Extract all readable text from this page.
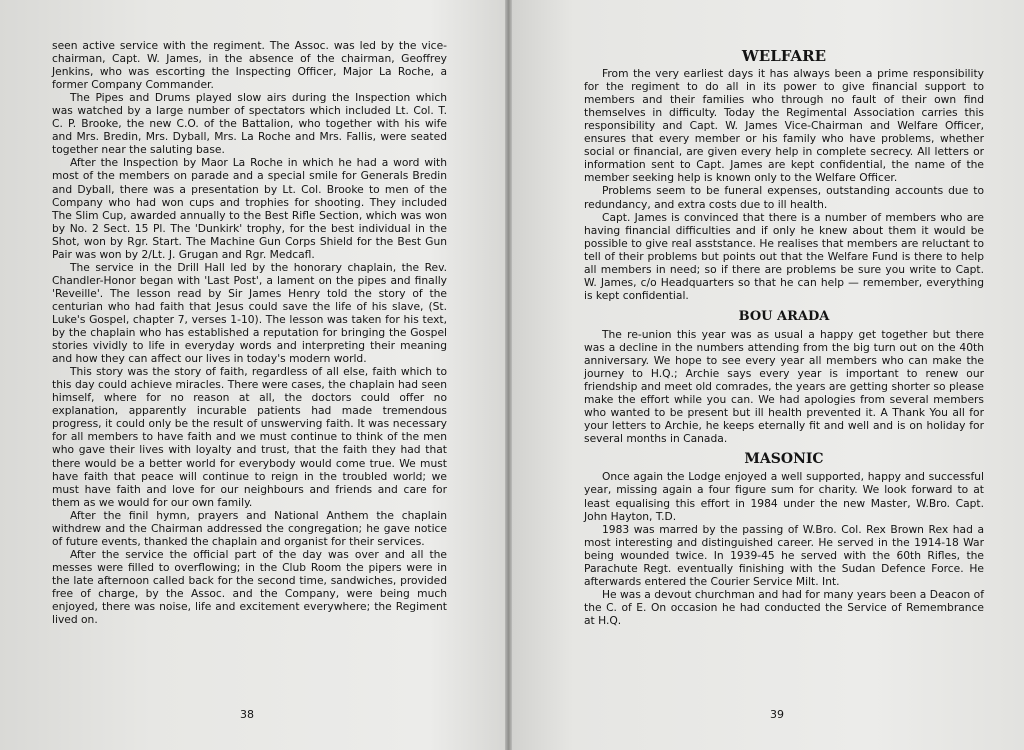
seen active service with the regiment. The Assoc. was led by the vice-chairman, Capt. W. James, in the absence of the chairman, Geoffrey Jenkins, who was escorting the Inspecting Officer, Major La Roche, a former Company Commander.

The Pipes and Drums played slow airs during the Inspection which was watched by a large number of spectators which included Lt. Col. T. C. P. Brooke, the new C.O. of the Battalion, who together with his wife and Mrs. Bredin, Mrs. Dyball, Mrs. La Roche and Mrs. Fallis, were seated together near the saluting base.

After the Inspection by Maor La Roche in which he had a word with most of the members on parade and a special smile for Generals Bredin and Dyball, there was a presentation by Lt. Col. Brooke to men of the Company who had won cups and trophies for shooting. They included The Slim Cup, awarded annually to the Best Rifle Section, which was won by No. 2 Sect. 15 Pl. The 'Dunkirk' trophy, for the best individual in the Shot, won by Rgr. Start. The Machine Gun Corps Shield for the Best Gun Pair was won by 2/Lt. J. Grugan and Rgr. Medcafl.

The service in the Drill Hall led by the honorary chaplain, the Rev. Chandler-Honor began with 'Last Post', a lament on the pipes and finally 'Reveille'. The lesson read by Sir James Henry told the story of the centurian who had faith that Jesus could save the life of his slave, (St. Luke's Gospel, chapter 7, verses 1-10). The lesson was taken for his text, by the chaplain who has established a reputation for bringing the Gospel stories vividly to life in everyday words and interpreting their meaning and how they can affect our lives in today's modern world.

This story was the story of faith, regardless of all else, faith which to this day could achieve miracles. There were cases, the chaplain had seen himself, where for no reason at all, the doctors could offer no explanation, apparently incurable patients had made tremendous progress, it could only be the result of unswerving faith. It was necessary for all members to have faith and we must continue to think of the men who gave their lives with loyalty and trust, that the faith they had that there would be a better world for everybody would come true. We must have faith that peace will continue to reign in the troubled world; we must have faith and love for our neighbours and friends and care for them as we would for our own family.

After the finil hymn, prayers and National Anthem the chaplain withdrew and the Chairman addressed the congregation; he gave notice of future events, thanked the chaplain and organist for their services.

After the service the official part of the day was over and all the messes were filled to overflowing; in the Club Room the pipers were in the late afternoon called back for the second time, sandwiches, provided free of charge, by the Assoc. and the Company, were being much enjoyed, there was noise, life and excitement everywhere; the Regiment lived on.

38
WELFARE

From the very earliest days it has always been a prime responsibility for the regiment to do all in its power to give financial support to members and their families who through no fault of their own find themselves in difficulty. Today the Regimental Association carries this responsibility and Capt. W. James Vice-Chairman and Welfare Officer, ensures that every member or his family who have problems, whether social or financial, are given every help in complete secrecy. All letters or information sent to Capt. James are kept confidential, the name of the member seeking help is known only to the Welfare Officer.

Problems seem to be funeral expenses, outstanding accounts due to redundancy, and extra costs due to ill health.

Capt. James is convinced that there is a number of members who are having financial difficulties and if only he knew about them it would be possible to give real asststance. He realises that members are reluctant to tell of their problems but points out that the Welfare Fund is there to help all members in need; so if there are problems be sure you write to Capt. W. James, c/o Headquarters so that he can help — remember, everything is kept confidential.

BOU ARADA

The re-union this year was as usual a happy get together but there was a decline in the numbers attending from the big turn out on the 40th anniversary. We hope to see every year all members who can make the journey to H.Q.; Archie says every year is important to renew our friendship and meet old comrades, the years are getting shorter so please make the effort while you can. We had apologies from several members who wanted to be present but ill health prevented it. A Thank You all for your letters to Archie, he keeps eternally fit and well and is on holiday for several months in Canada.

MASONIC

Once again the Lodge enjoyed a well supported, happy and successful year, missing again a four figure sum for charity. We look forward to at least equalising this effort in 1984 under the new Master, W.Bro. Capt. John Hayton, T.D.

1983 was marred by the passing of W.Bro. Col. Rex Brown Rex had a most interesting and distinguished career. He served in the 1914-18 War being wounded twice. In 1939-45 he served with the 60th Rifles, the Parachute Regt. eventually finishing with the Sudan Defence Force. He afterwards entered the Courier Service Milt. Int.

He was a devout churchman and had for many years been a Deacon of the C. of E. On occasion he had conducted the Service of Remembrance at H.Q.

39
